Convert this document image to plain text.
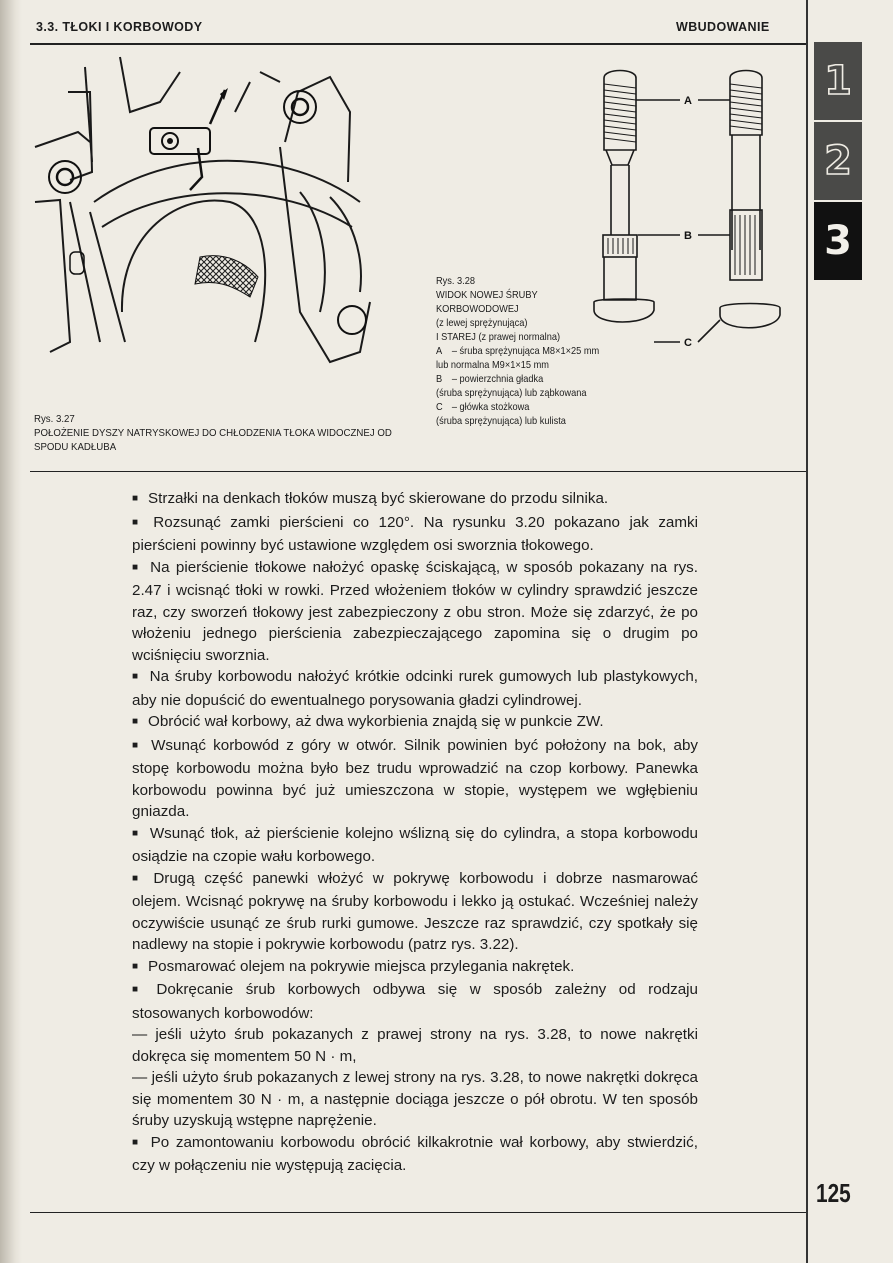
3.3. TŁOKI I KORBOWODY	WBUDOWANIE
1
2
3
A
B
C
Rys. 3.28
WIDOK NOWEJ ŚRUBY
KORBOWODOWEJ
(z lewej sprężynująca)
I STAREJ (z prawej normalna)
A – śruba sprężynująca M8×1×25 mm
lub normalna M9×1×15 mm
B – powierzchnia gładka
(śruba sprężynująca) lub ząbkowana
C – główka stożkowa
(śruba sprężynująca) lub kulista
Rys. 3.27
POŁOŻENIE DYSZY NATRYSKOWEJ DO CHŁODZENIA TŁOKA WIDOCZNEJ OD SPODU KADŁUBA

■ Strzałki na denkach tłoków muszą być skierowane do przodu silnika.

■ Rozsunąć zamki pierścieni co 120°. Na rysunku 3.20 pokazano jak zamki pierścieni powinny być ustawione względem osi sworznia tłokowego.

■ Na pierścienie tłokowe nałożyć opaskę ściskającą, w sposób pokazany na rys. 2.47 i wcisnąć tłoki w rowki. Przed włożeniem tłoków w cylindry sprawdzić jeszcze raz, czy sworzeń tłokowy jest zabezpieczony z obu stron. Może się zdarzyć, że po włożeniu jednego pierścienia zabezpieczającego zapomina się o drugim po wciśnięciu sworznia.

■ Na śruby korbowodu nałożyć krótkie odcinki rurek gumowych lub plastykowych, aby nie dopuścić do ewentualnego porysowania gładzi cylindrowej.

■ Obrócić wał korbowy, aż dwa wykorbienia znajdą się w punkcie ZW.

■ Wsunąć korbowód z góry w otwór. Silnik powinien być położony na bok, aby stopę korbowodu można było bez trudu wprowadzić na czop korbowy. Panewka korbowodu powinna być już umieszczona w stopie, występem we wgłębieniu gniazda.

■ Wsunąć tłok, aż pierścienie kolejno wślizną się do cylindra, a stopa korbowodu osiądzie na czopie wału korbowego.

■ Drugą część panewki włożyć w pokrywę korbowodu i dobrze nasmarować olejem. Wcisnąć pokrywę na śruby korbowodu i lekko ją ostukać. Wcześniej należy oczywiście usunąć ze śrub rurki gumowe. Jeszcze raz sprawdzić, czy spotkały się nadlewy na stopie i pokrywie korbowodu (patrz rys. 3.22).

■ Posmarować olejem na pokrywie miejsca przylegania nakrętek.

■ Dokręcanie śrub korbowych odbywa się w sposób zależny od rodzaju stosowanych korbowodów:

— jeśli użyto śrub pokazanych z prawej strony na rys. 3.28, to nowe nakrętki dokręca się momentem 50 N · m,

— jeśli użyto śrub pokazanych z lewej strony na rys. 3.28, to nowe nakrętki dokręca się momentem 30 N · m, a następnie dociąga jeszcze o pół obrotu. W ten sposób śruby uzyskują wstępne naprężenie.

■ Po zamontowaniu korbowodu obrócić kilkakrotnie wał korbowy, aby stwierdzić, czy w połączeniu nie występują zacięcia.

125
